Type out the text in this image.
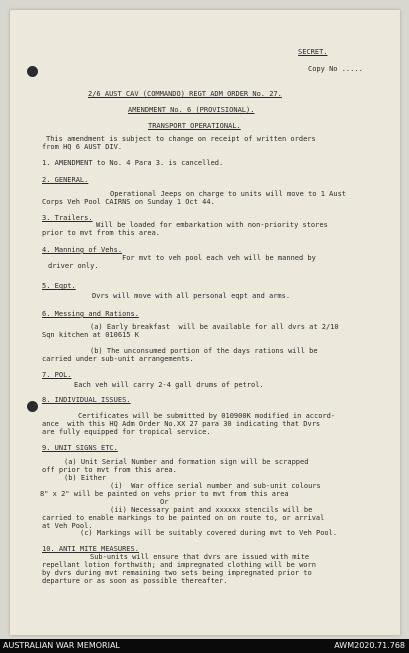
SECRET.
Copy No .....
2/6 AUST CAV (COMMANDO) REGT ADM ORDER No. 27.
AMENDMENT No. 6 (PROVISIONAL).
TRANSPORT OPERATIONAL.
This amendment is subject to change on receipt of written orders
from HQ 6 AUST DIV.
1. AMENDMENT to No. 4 Para 3. is cancelled.
2. GENERAL.
Operational Jeeps on charge to units will move to 1 Aust
Corps Veh Pool CAIRNS on Sunday 1 Oct 44.
3. Trailers.
Will be loaded for embarkation with non-priority stores
prior to mvt from this area.
4. Manning of Vehs.
For mvt to veh pool each veh will be manned by
driver only.
5. Eqpt.
Dvrs will move with all personal eqpt and arms.
6. Messing and Rations.
(a) Early breakfast  will be available for all dvrs at 2/10
Sqn kitchen at 010615 K
(b) The unconsumed portion of the days rations will be
carried under sub-unit arrangements.
7. POL.
Each veh will carry 2-4 gall drums of petrol.
8. INDIVIDUAL ISSUES.
Certificates will be submitted by 010900K modified in accord-
ance  with this HQ Adm Order No.XX 27 para 30 indicating that Dvrs
are fully equipped for tropical service.
9. UNIT SIGNS ETC.
(a) Unit Serial Number and formation sign will be scrapped
off prior to mvt from this area.
(b) Either
(i)  War office serial number and sub-unit colours
8" x 2" will be painted on vehs prior to mvt from this area
Or
(ii) Necessary paint and xxxxxx stencils will be
carried to enable markings to be painted on on route to, or arrival
at Veh Pool.
(c) Markings will be suitably covered during mvt to Veh Pool.
10. ANTI MITE MEASURES.
Sub-units will ensure that dvrs are issued with mite
repellant lotion forthwith; and impregnated clothing will be worn
by dvrs during mvt remaining two sets being impregnated prior to
departure or as soon as possible thereafter.
AUSTRALIAN WAR MEMORIAL	AWM2020.71.768
